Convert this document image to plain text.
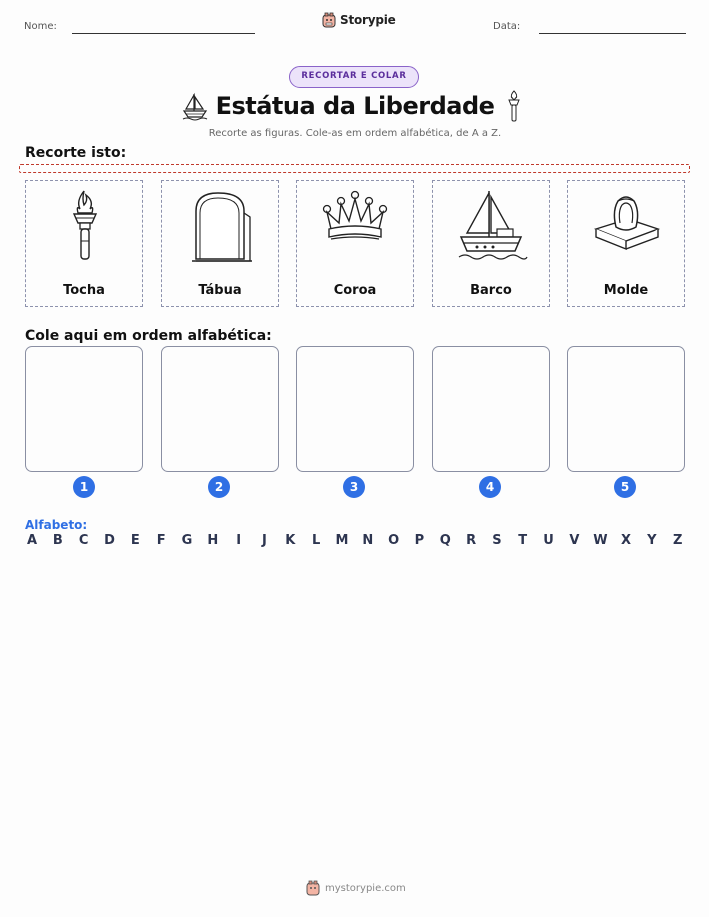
Nome:	Storypie	Data:
RECORTAR E COLAR
Estátua da Liberdade
Recorte as figuras. Cole-as em ordem alfabética, de A a Z.
Recorte isto:
Tocha	Tábua	Coroa	Barco	Molde
Cole aqui em ordem alfabética:
1	2	3	4	5
Alfabeto:
A B C D E F G H	I	J	K L M N O P Q R S T U V W X Y Z
mystorypie.com
